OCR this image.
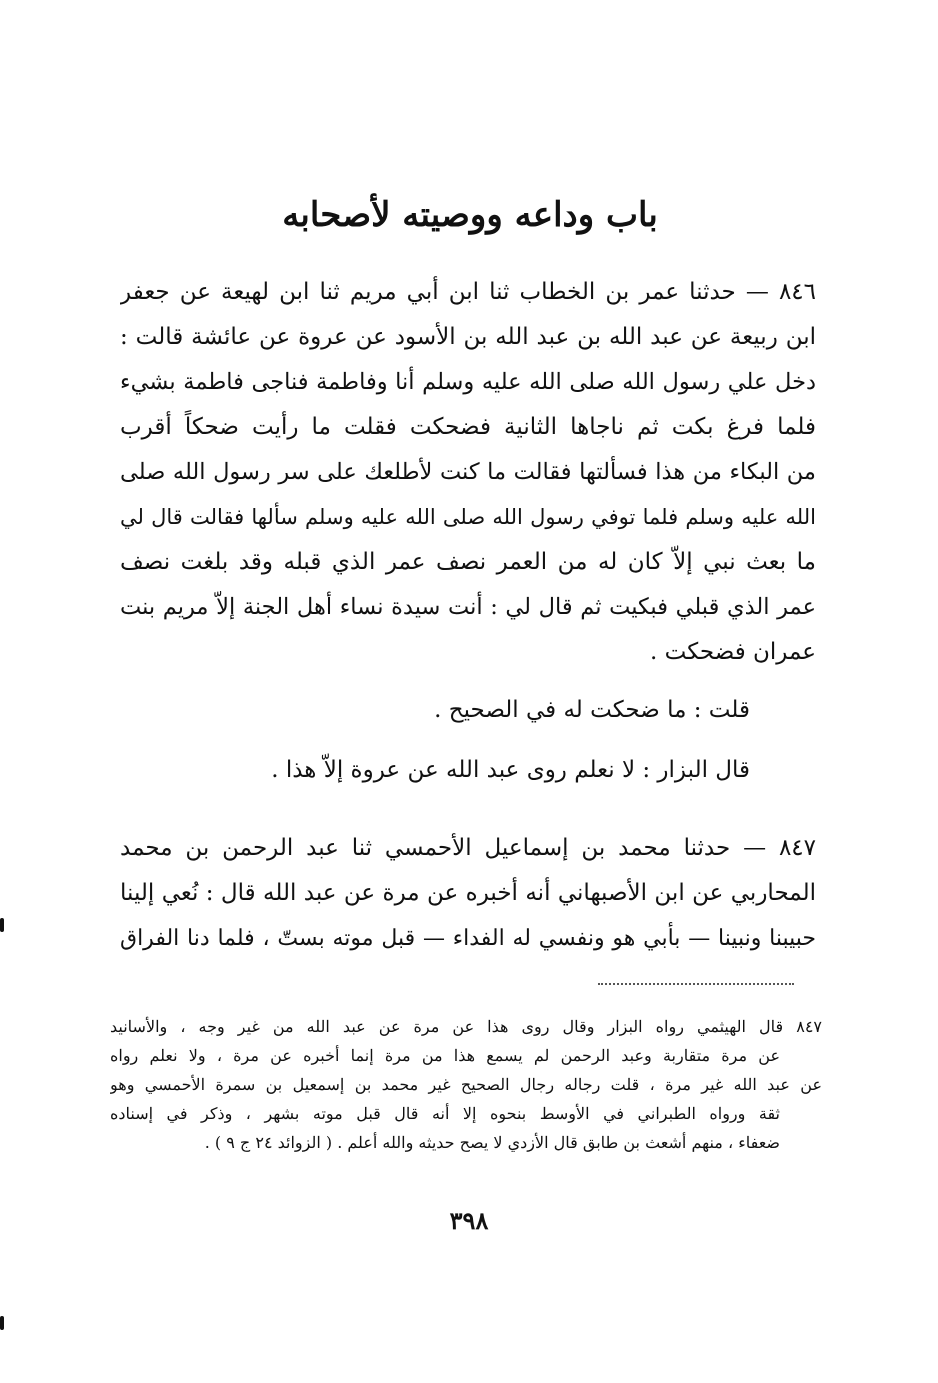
باب وداعه ووصيته لأصحابه
٨٤٦ — حدثنا عمر بن الخطاب ثنا ابن أبي مريم ثنا ابن لهيعة عن جعفر
ابن ربيعة عن عبد الله بن عبد الله بن الأسود عن عروة عن عائشة قالت :
دخل علي رسول الله صلى الله عليه وسلم أنا وفاطمة فناجى فاطمة بشيء
فلما فرغ بكت ثم ناجاها الثانية فضحكت فقلت ما رأيت ضحكاً أقرب
من البكاء من هذا فسألتها فقالت ما كنت لأطلعك على سر رسول الله صلى
الله عليه وسلم فلما توفي رسول الله صلى الله عليه وسلم سألها فقالت قال لي
ما بعث نبي إلاّ كان له من العمر نصف عمر الذي قبله وقد بلغت نصف
عمر الذي قبلي فبكيت ثم قال لي : أنت سيدة نساء أهل الجنة إلاّ مريم بنت
عمران فضحكت .
قلت : ما ضحكت له في الصحيح .
قال البزار : لا نعلم روى عبد الله عن عروة إلاّ هذا .
٨٤٧ — حدثنا محمد بن إسماعيل الأحمسي ثنا عبد الرحمن بن محمد
المحاربي عن ابن الأصبهاني أنه أخبره عن مرة عن عبد الله قال : نُعي إلينا
حبيبنا ونبينا — بأبي هو ونفسي له الفداء — قبل موته بستّ ، فلما دنا الفراق
٨٤٧ قال الهيثمي رواه البزار وقال روى هذا عن مرة عن عبد الله من غير وجه ، والأسانيد
عن مرة متقاربة وعبد الرحمن لم يسمع هذا من مرة إنما أخبره عن مرة ، ولا نعلم رواه
عن عبد الله غير مرة ، قلت رجاله رجال الصحيح غير محمد بن إسمعيل بن سمرة الأحمسي وهو
ثقة ورواه الطبراني في الأوسط بنحوه إلا أنه قال قبل موته بشهر ، وذكر في إسناده
ضعفاء ، منهم أشعث بن طابق قال الأزدي لا يصح حديثه والله أعلم . ( الزوائد ٢٤ ج ٩ ) .
٣٩٨
